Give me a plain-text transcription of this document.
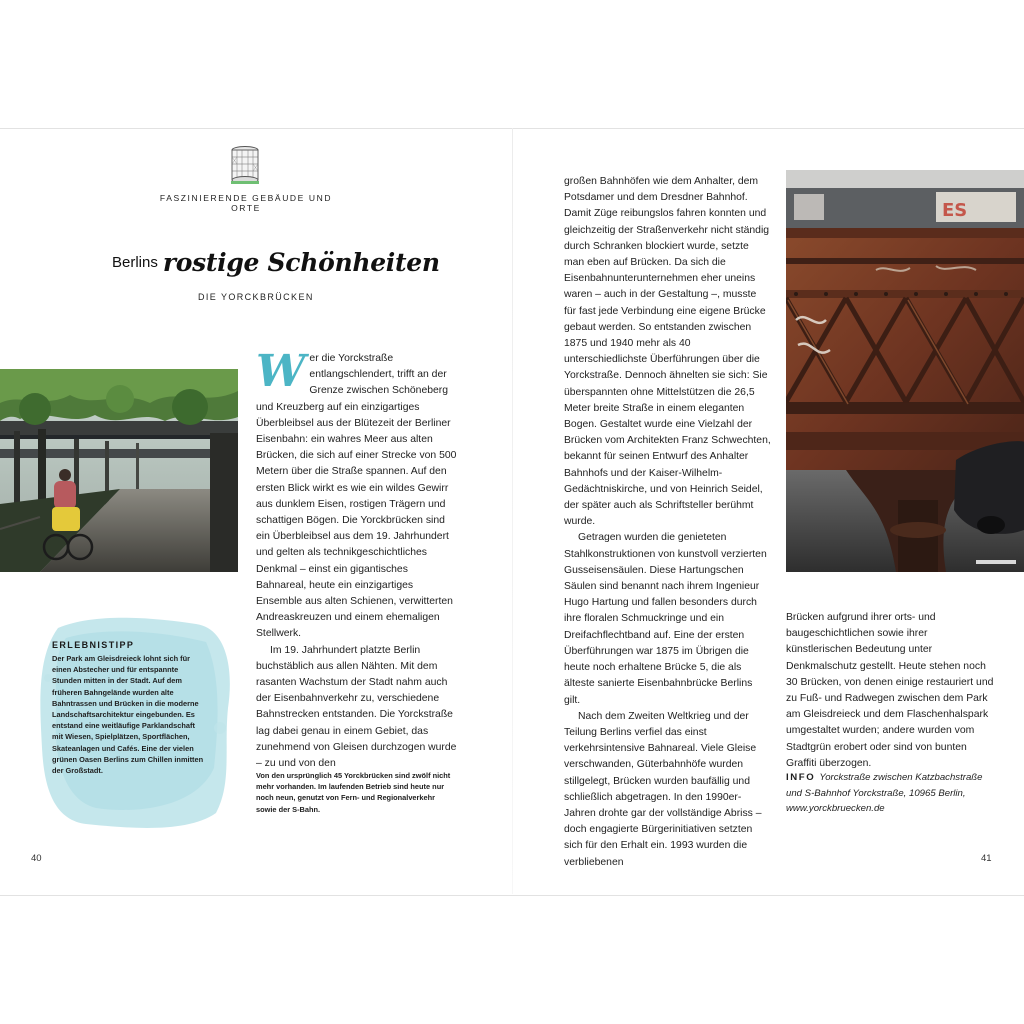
FASZINIERENDE GEBÄUDE UND ORTE
Berlins rostige Schönheiten
DIE YORCKBRÜCKEN

Wer die Yorckstraße entlangschlendert, trifft an der Grenze zwischen Schöneberg und Kreuzberg auf ein einzigartiges Überbleibsel aus der Blütezeit der Berliner Eisenbahn: ein wahres Meer aus alten Brücken, die sich auf einer Strecke von 500 Metern über die Straße spannen. Auf den ersten Blick wirkt es wie ein wildes Gewirr aus dunklem Eisen, rostigen Trägern und schattigen Bögen. Die Yorckbrücken sind ein Überbleibsel aus dem 19. Jahrhundert und gelten als technikgeschichtliches Denkmal – einst ein gigantisches Bahnareal, heute ein einzigartiges Ensemble aus alten Schienen, verwitterten Andreaskreuzen und einem ehemaligen Stellwerk.

Im 19. Jahrhundert platzte Berlin buchstäblich aus allen Nähten. Mit dem rasanten Wachstum der Stadt nahm auch der Eisenbahnverkehr zu, verschiedene Bahnstrecken entstanden. Die Yorckstraße lag dabei genau in einem Gebiet, das zunehmend von Gleisen durchzogen wurde – zu und von den

Von den ursprünglich 45 Yorckbrücken sind zwölf nicht mehr vorhanden. Im laufenden Betrieb sind heute nur noch neun, genutzt von Fern- und Regionalverkehr sowie der S-Bahn.
ERLEBNISTIPP
Der Park am Gleisdreieck lohnt sich für einen Abstecher und für entspannte Stunden mitten in der Stadt. Auf dem früheren Bahngelände wurden alte Bahntrassen und Brücken in die moderne Landschaftsarchitektur eingebunden. Es entstand eine weitläufige Parklandschaft mit Wiesen, Spielplätzen, Sportflächen, Skateanlagen und Cafés. Eine der vielen grünen Oasen Berlins zum Chillen inmitten der Großstadt.

großen Bahnhöfen wie dem Anhalter, dem Potsdamer und dem Dresdner Bahnhof. Damit Züge reibungslos fahren konnten und gleichzeitig der Straßenverkehr nicht ständig durch Schranken blockiert wurde, setzte man eben auf Brücken. Da sich die Eisenbahnunterunternehmen eher uneins waren – auch in der Gestaltung –, musste für fast jede Verbindung eine eigene Brücke gebaut werden. So entstanden zwischen 1875 und 1940 mehr als 40 unterschiedlichste Überführungen über die Yorckstraße. Dennoch ähnelten sie sich: Sie überspannten ohne Mittelstützen die 26,5 Meter breite Straße in einem eleganten Bogen. Gestaltet wurde eine Vielzahl der Brücken vom Architekten Franz Schwechten, bekannt für seinen Entwurf des Anhalter Bahnhofs und der Kaiser-Wilhelm-Gedächtniskirche, und von Heinrich Seidel, der später auch als Schriftsteller berühmt wurde.

Getragen wurden die genieteten Stahlkonstruktionen von kunstvoll verzierten Gusseisensäulen. Diese Hartungschen Säulen sind benannt nach ihrem Ingenieur Hugo Hartung und fallen besonders durch ihre floralen Schmuckringe und ein Dreifachflechtband auf. Eine der ersten Überführungen war 1875 im Übrigen die heute noch erhaltene Brücke 5, die als älteste sanierte Eisenbahnbrücke Berlins gilt.

Nach dem Zweiten Weltkrieg und der Teilung Berlins verfiel das einst verkehrsintensive Bahnareal. Viele Gleise verschwanden, Güterbahnhöfe wurden stillgelegt, Brücken wurden baufällig und schließlich abgetragen. In den 1990er-Jahren drohte gar der vollständige Abriss – doch engagierte Bürgerinitiativen setzten sich für den Erhalt ein. 1993 wurden die verbliebenen

ES

Brücken aufgrund ihrer orts- und baugeschichtlichen sowie ihrer künstlerischen Bedeutung unter Denkmalschutz gestellt. Heute stehen noch 30 Brücken, von denen einige restauriert und zu Fuß- und Radwegen zwischen dem Park am Gleisdreieck und dem Flaschenhalspark umgestaltet wurden; andere wurden vom Stadtgrün erobert oder sind von bunten Graffiti überzogen.

INFO Yorckstraße zwischen Katzbachstraße und S-Bahnhof Yorckstraße, 10965 Berlin, www.yorckbruecken.de
40	41
